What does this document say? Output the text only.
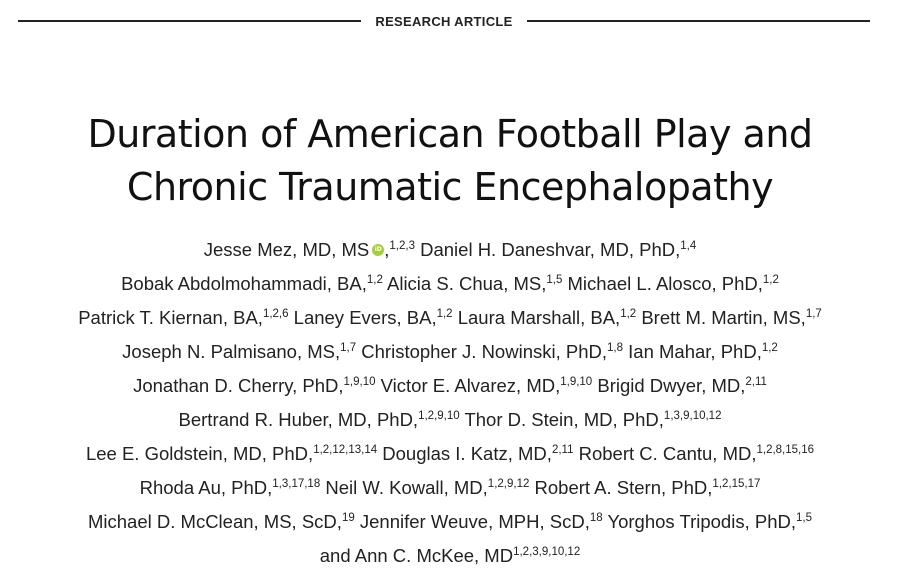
RESEARCH ARTICLE
Duration of American Football Play and
Chronic Traumatic Encephalopathy
Jesse Mez, MD, MSiD ,$^{1,2,3}$ Daniel H. Daneshvar, MD, PhD,$^{1,4}$
Bobak Abdolmohammadi, BA,$^{1,2}$ Alicia S. Chua, MS,$^{1,5}$ Michael L. Alosco, PhD,$^{1,2}$
Patrick T. Kiernan, BA,$^{1,2,6}$ Laney Evers, BA,$^{1,2}$ Laura Marshall, BA,$^{1,2}$ Brett M. Martin, MS,$^{1,7}$
Joseph N. Palmisano, MS,$^{1,7}$ Christopher J. Nowinski, PhD,$^{1,8}$ Ian Mahar, PhD,$^{1,2}$
Jonathan D. Cherry, PhD,$^{1,9,10}$ Victor E. Alvarez, MD,$^{1,9,10}$ Brigid Dwyer, MD,$^{2,11}$
Bertrand R. Huber, MD, PhD,$^{1,2,9,10}$ Thor D. Stein, MD, PhD,$^{1,3,9,10,12}$
Lee E. Goldstein, MD, PhD,$^{1,2,12,13,14}$ Douglas I. Katz, MD,$^{2,11}$ Robert C. Cantu, MD,$^{1,2,8,15,16}$
Rhoda Au, PhD,$^{1,3,17,18}$ Neil W. Kowall, MD,$^{1,2,9,12}$ Robert A. Stern, PhD,$^{1,2,15,17}$
Michael D. McClean, MS, ScD,$^{19}$ Jennifer Weuve, MPH, ScD,$^{18}$ Yorghos Tripodis, PhD,$^{1,5}$
and Ann C. McKee, MD$^{1,2,3,9,10,12}$
